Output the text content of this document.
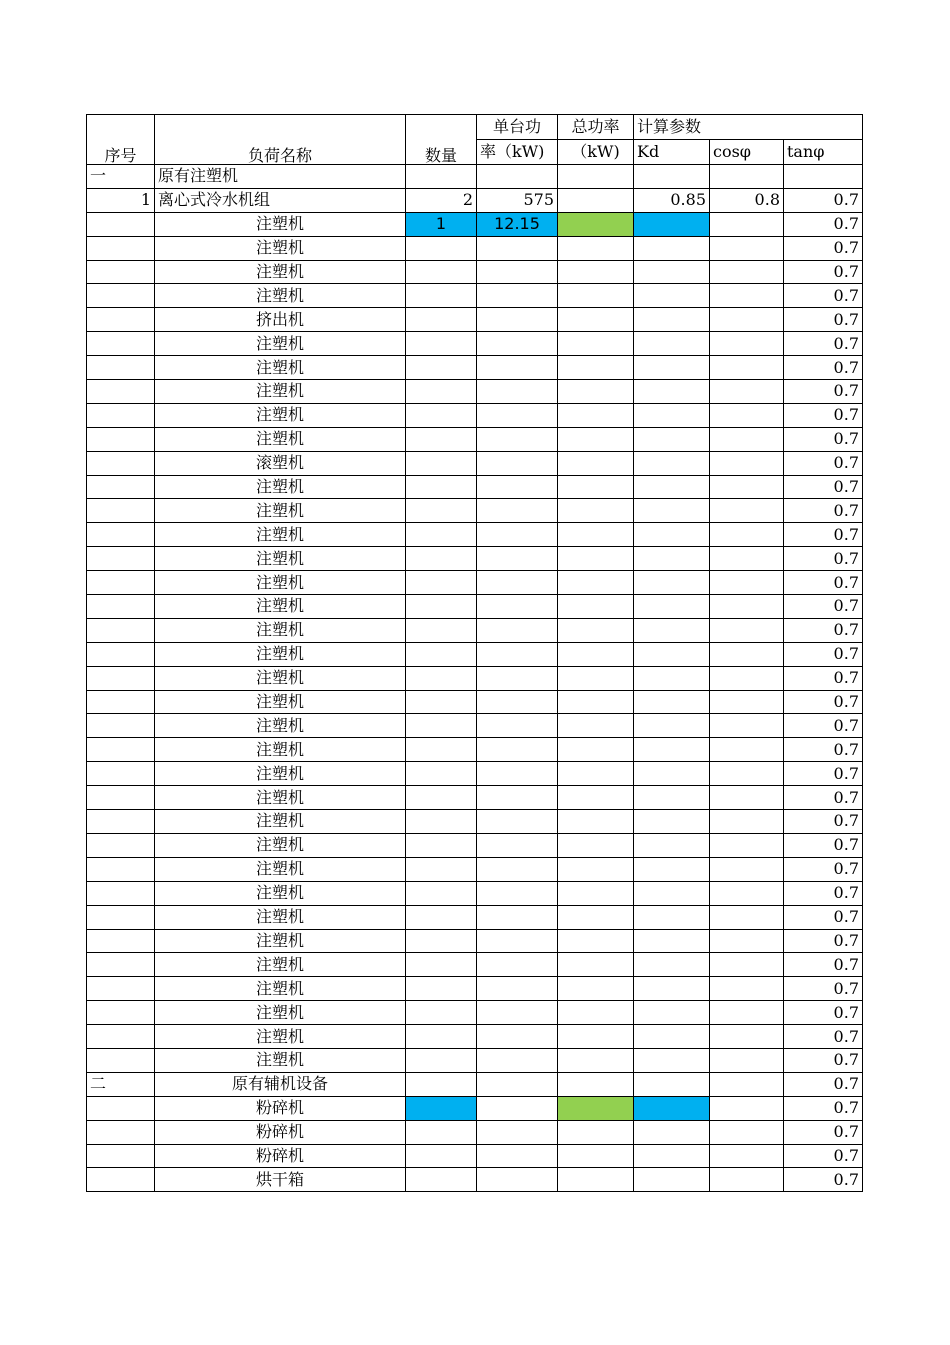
序号	负荷名称	数量	单台功	总功率	计算参数		
			率（kW)	（kW)	Kd	cosφ	tanφ
一	原有注塑机						
1	离心式冷水机组	2	575		0.85	0.8	0.7
	注塑机	1	12.15				0.7
	注塑机						0.7
	注塑机						0.7
	注塑机						0.7
	挤出机						0.7
	注塑机						0.7
	注塑机						0.7
	注塑机						0.7
	注塑机						0.7
	注塑机						0.7
	滚塑机						0.7
	注塑机						0.7
	注塑机						0.7
	注塑机						0.7
	注塑机						0.7
	注塑机						0.7
	注塑机						0.7
	注塑机						0.7
	注塑机						0.7
	注塑机						0.7
	注塑机						0.7
	注塑机						0.7
	注塑机						0.7
	注塑机						0.7
	注塑机						0.7
	注塑机						0.7
	注塑机						0.7
	注塑机						0.7
	注塑机						0.7
	注塑机						0.7
	注塑机						0.7
	注塑机						0.7
	注塑机						0.7
	注塑机						0.7
	注塑机						0.7
	注塑机						0.7
二	原有辅机设备						0.7
	粉碎机						0.7
	粉碎机						0.7
	粉碎机						0.7
	烘干箱						0.7
